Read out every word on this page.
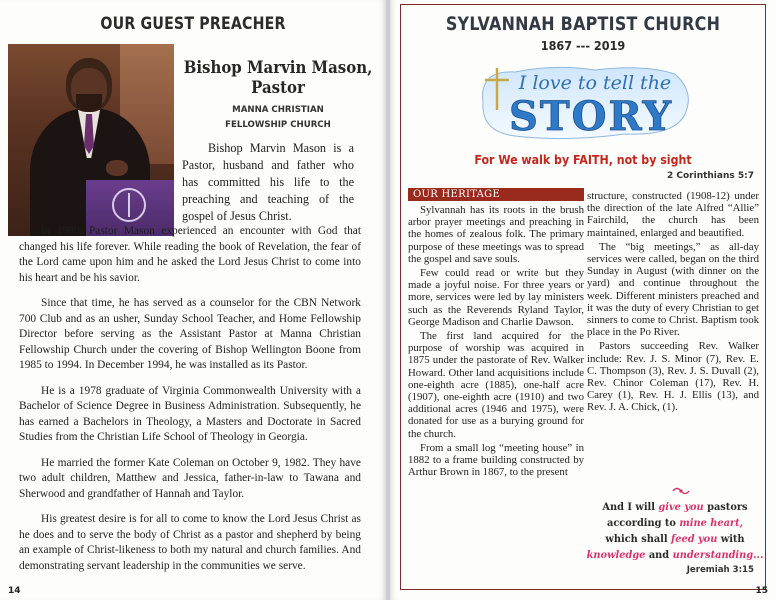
OUR GUEST PREACHER
Bishop Marvin Mason,
Pastor
MANNA CHRISTIAN
FELLOWSHIP CHURCH

Bishop Marvin Mason is a Pastor, husband and father who has committed his life to the preaching and teaching of the gospel of Jesus Christ.

In 1980, Pastor Mason experienced an encounter with God that changed his life forever. While reading the book of Revelation, the fear of the Lord came upon him and he asked the Lord Jesus Christ to come into his heart and be his savior.

Since that time, he has served as a counselor for the CBN Network 700 Club and as an usher, Sunday School Teacher, and Home Fellowship Director before serving as the Assistant Pastor at Manna Christian Fellowship Church under the covering of Bishop Wellington Boone from 1985 to 1994. In December 1994, he was installed as its Pastor.

He is a 1978 graduate of Virginia Commonwealth University with a Bachelor of Science Degree in Business Administration. Subsequently, he has earned a Bachelors in Theology, a Masters and Doctorate in Sacred Studies from the Christian Life School of Theology in Georgia.

He married the former Kate Coleman on October 9, 1982. They have two adult children, Matthew and Jessica, father-in-law to Tawana and Sherwood and grandfather of Hannah and Taylor.

His greatest desire is for all to come to know the Lord Jesus Christ as he does and to serve the body of Christ as a pastor and shepherd by being an example of Christ-likeness to both my natural and church families. And demonstrating servant leadership in the communities we serve.

14
SYLVANNAH BAPTIST CHURCH
1867 --- 2019
I love to tell the
STORY
For We walk by FAITH, not by sight
2 Corinthians 5:7
OUR HERITAGE

Sylvannah has its roots in the brush arbor prayer meetings and preaching in the homes of zealous folk. The primary purpose of these meetings was to spread the gospel and save souls.

Few could read or write but they made a joyful noise. For three years or more, services were led by lay ministers such as the Reverends Ryland Taylor, George Madison and Charlie Dawson.

The first land acquired for the purpose of worship was acquired in 1875 under the pastorate of Rev. Walker Howard. Other land acquisitions include one-eighth acre (1885), one-half acre (1907), one-eighth acre (1910) and two additional acres (1946 and 1975), were donated for use as a burying ground for the church.

From a small log “meeting house” in 1882 to a frame building constructed by Arthur Brown in 1867, to the present

structure, constructed (1908-12) under the direction of the late Alfred “Allie” Fairchild, the church has been maintained, enlarged and beautified.

The “big meetings,” as all-day services were called, began on the third Sunday in August (with dinner on the yard) and continue throughout the week. Different ministers preached and it was the duty of every Christian to get sinners to come to Christ. Baptism took place in the Po River.

Pastors succeeding Rev. Walker include: Rev. J. S. Minor (7), Rev. E. C. Thompson (3), Rev. J. S. Duvall (2), Rev. Chinor Coleman (17), Rev. H. Carey (1), Rev. H. J. Ellis (13), and Rev. J. A. Chick, (1).

And I will give you pastors
according to mine heart,
which shall feed you with
knowledge and understanding...
Jeremiah 3:15
15
